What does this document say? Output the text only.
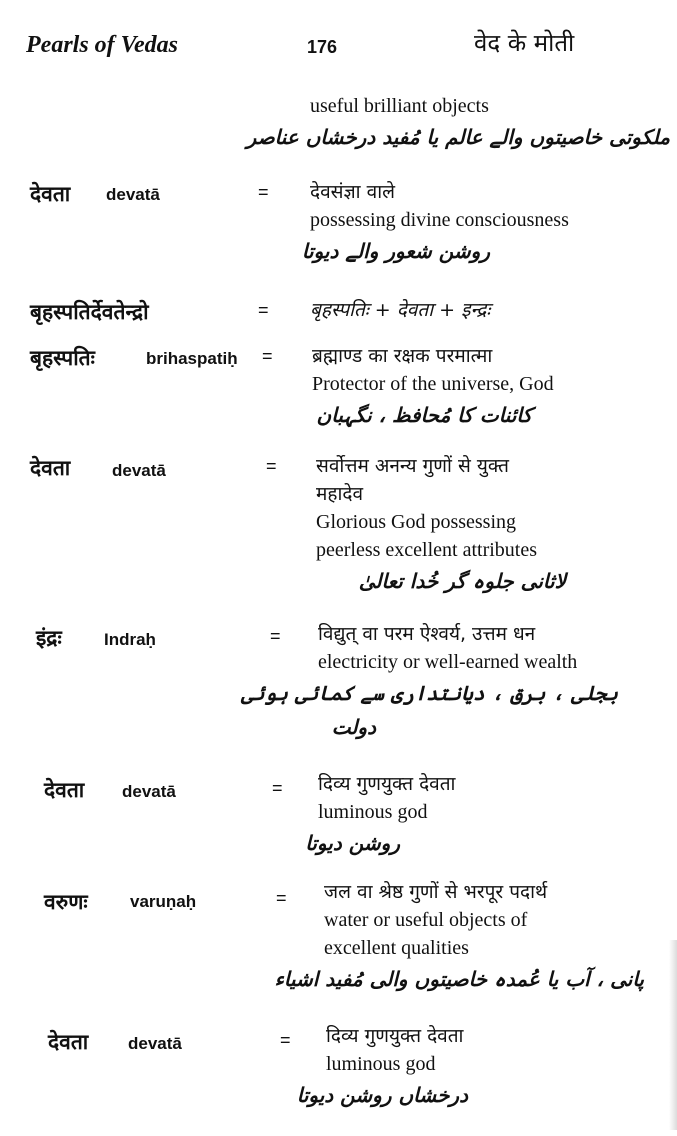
Pearls of Vedas	176	वेद के मोती
useful brilliant objects
ملکوتی خاصیتوں والے عالم یا مُفید درخشاں عناصر
देवता devatā	= देवसंज्ञा वाले
possessing divine consciousness
روشن شعور والے دیوتا
बृहस्पतिर्देवतेन्द्रो	= बृहस्पतिः + देवता + इन्द्रः
बृहस्पतिः	brihaspatiḥ = ब्रह्माण्ड का रक्षक परमात्मा
Protector of the universe, God
کائنات کا مُحافظ ، نگہبان
देवता devatā	= सर्वोत्तम अनन्य गुणों से युक्त
महादेव
Glorious God possessing
peerless excellent attributes
لاثانی جلوہ گر خُدا تعالیٰ
इंद्रः Indraḥ	= विद्युत् वा परम ऐश्वर्य, उत्तम धन
electricity or well-earned wealth
بجلی ، برق ، دیانتداری سے کمائی ہوئی
دولت
देवता devatā	= दिव्य गुणयुक्त देवता
luminous god
روشن دیوتا
वरुणः varuṇaḥ	= जल वा श्रेष्ठ गुणों से भरपूर पदार्थ
water or useful objects of
excellent qualities
پانی ، آب یا عُمدہ خاصیتوں والی مُفید اشیاء
देवता devatā	= दिव्य गुणयुक्त देवता
luminous god
درخشاں روشن دیوتا
